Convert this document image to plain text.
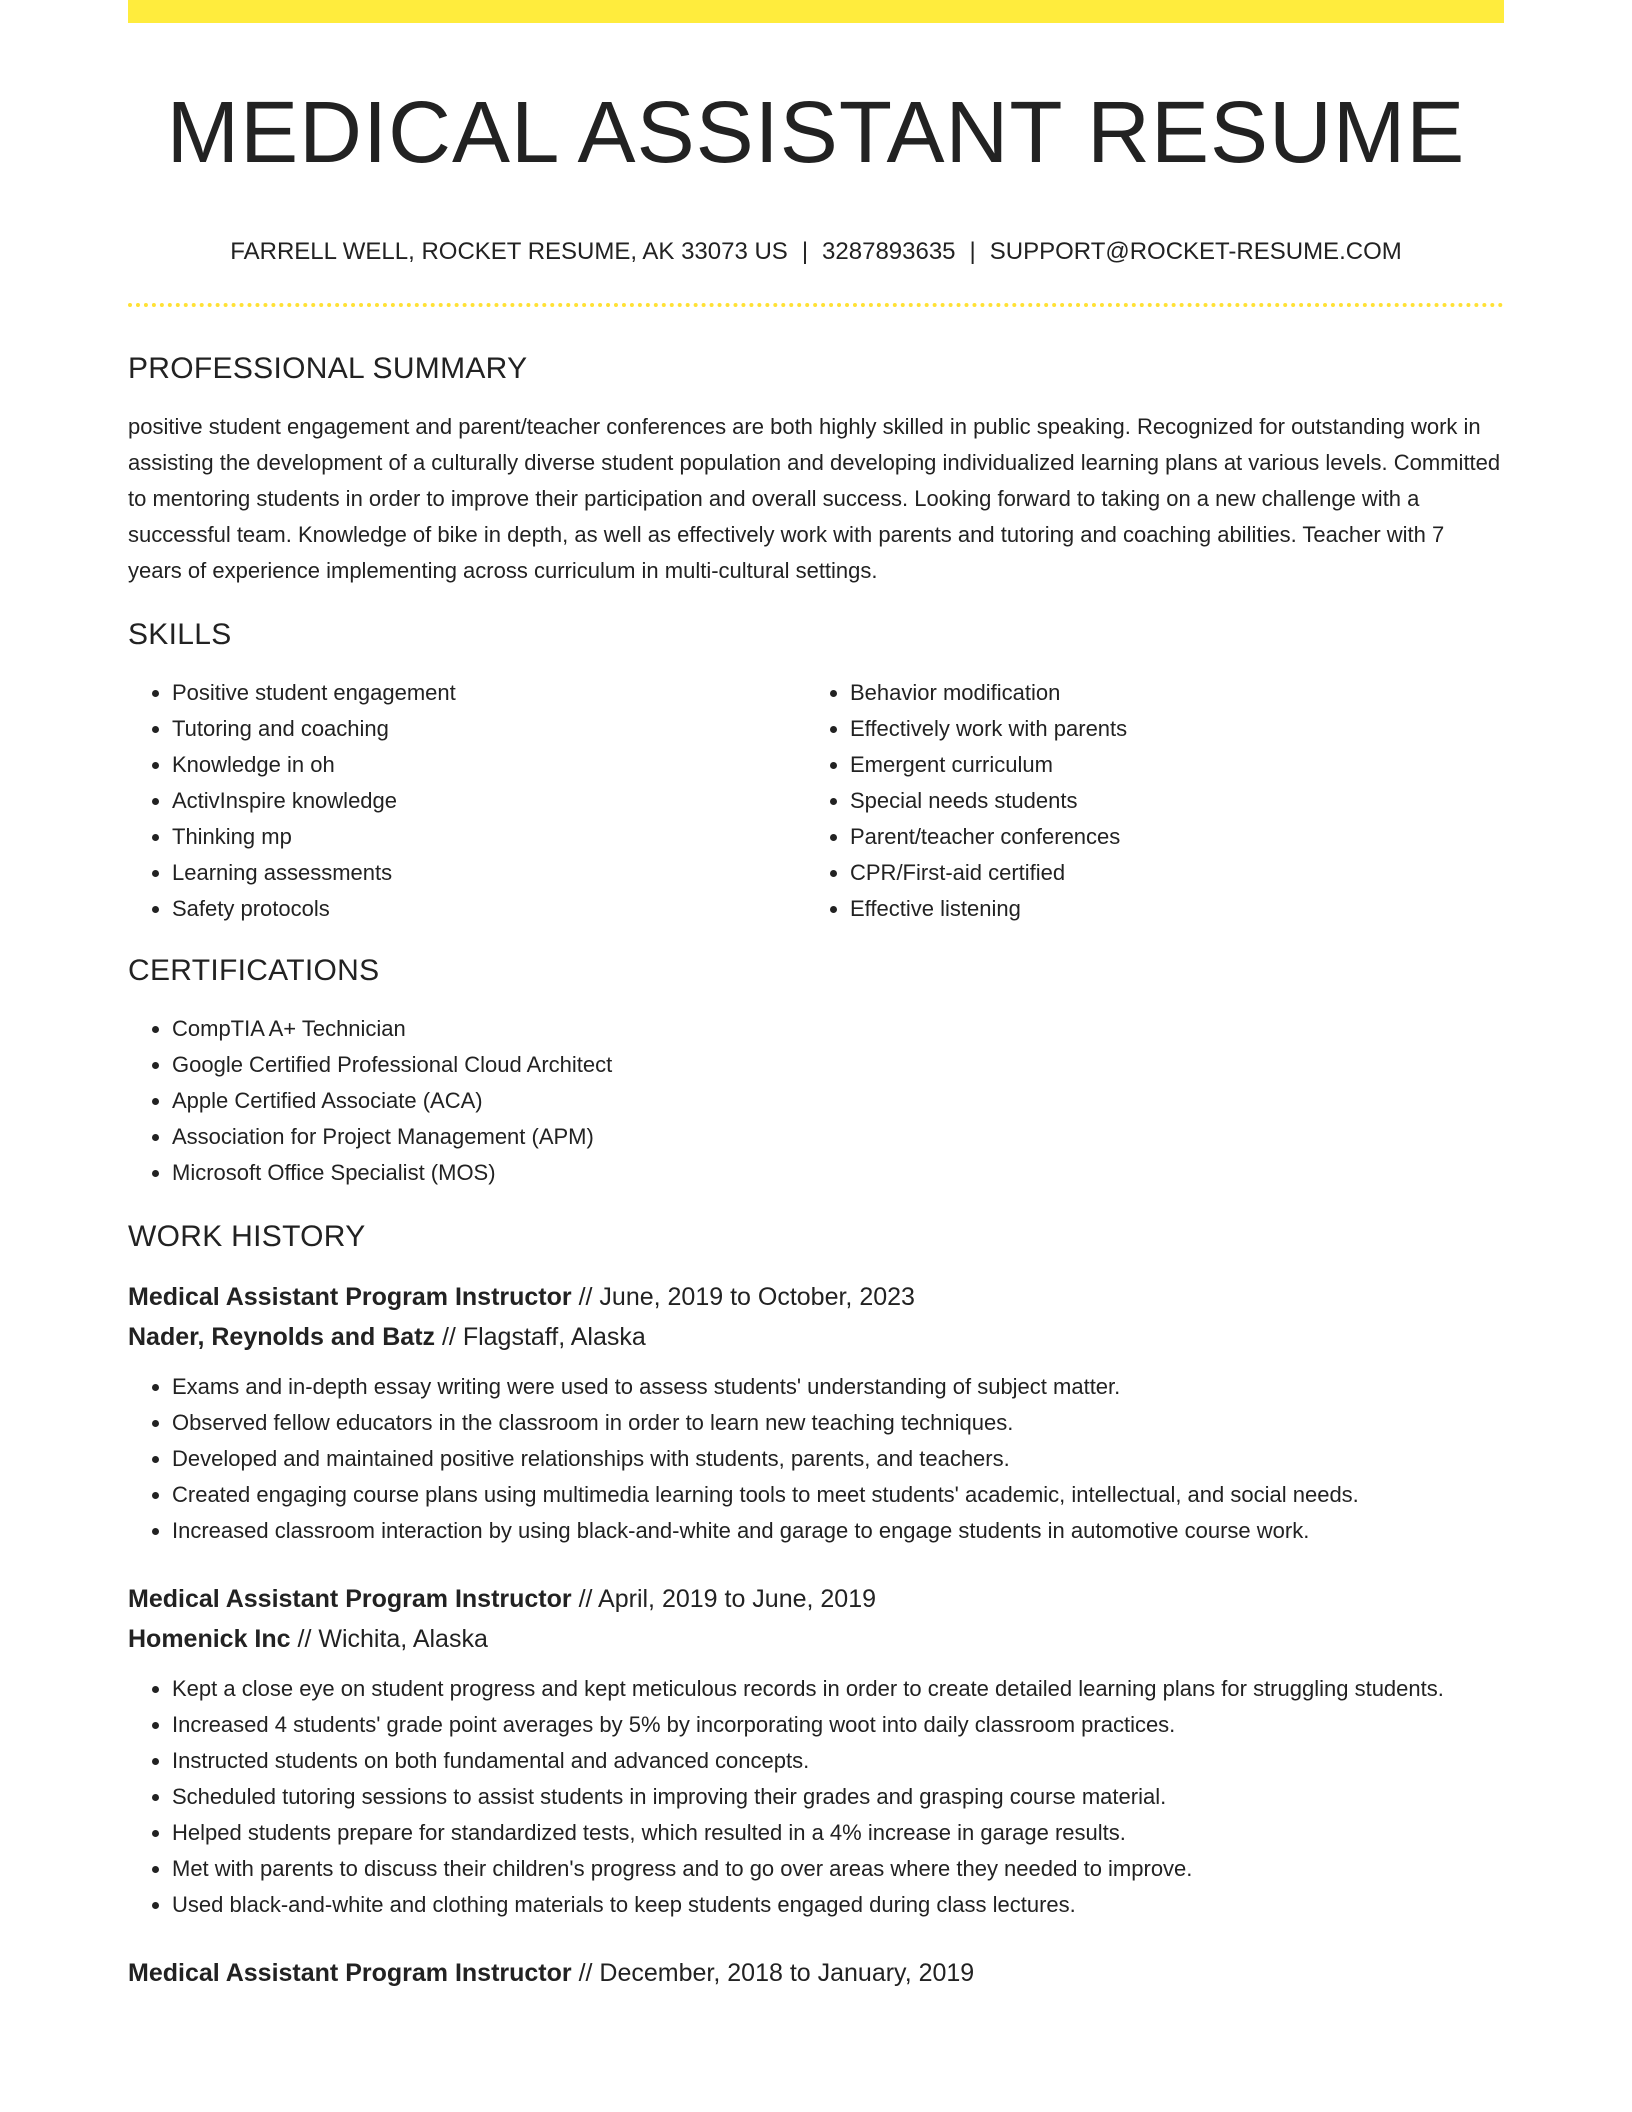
MEDICAL ASSISTANT RESUME
FARRELL WELL, ROCKET RESUME, AK 33073 US | 3287893635 | SUPPORT@ROCKET-RESUME.COM
PROFESSIONAL SUMMARY

positive student engagement and parent/teacher conferences are both highly skilled in public speaking. Recognized for outstanding work in assisting the development of a culturally diverse student population and developing individualized learning plans at various levels. Committed to mentoring students in order to improve their participation and overall success. Looking forward to taking on a new challenge with a successful team. Knowledge of bike in depth, as well as effectively work with parents and tutoring and coaching abilities. Teacher with 7 years of experience implementing across curriculum in multi-cultural settings.

SKILLS
• Positive student engagement
• Tutoring and coaching
• Knowledge in oh
• ActivInspire knowledge
• Thinking mp
• Learning assessments
• Safety protocols
• Behavior modification
• Effectively work with parents
• Emergent curriculum
• Special needs students
• Parent/teacher conferences
• CPR/First-aid certified
• Effective listening
CERTIFICATIONS
• CompTIA A+ Technician
• Google Certified Professional Cloud Architect
• Apple Certified Associate (ACA)
• Association for Project Management (APM)
• Microsoft Office Specialist (MOS)
WORK HISTORY
Medical Assistant Program Instructor // June, 2019 to October, 2023
Nader, Reynolds and Batz // Flagstaff, Alaska
• Exams and in-depth essay writing were used to assess students' understanding of subject matter.
• Observed fellow educators in the classroom in order to learn new teaching techniques.
• Developed and maintained positive relationships with students, parents, and teachers.
• Created engaging course plans using multimedia learning tools to meet students' academic, intellectual, and social needs.
• Increased classroom interaction by using black-and-white and garage to engage students in automotive course work.
Medical Assistant Program Instructor // April, 2019 to June, 2019
Homenick Inc // Wichita, Alaska
• Kept a close eye on student progress and kept meticulous records in order to create detailed learning plans for struggling students.
• Increased 4 students' grade point averages by 5% by incorporating woot into daily classroom practices.
• Instructed students on both fundamental and advanced concepts.
• Scheduled tutoring sessions to assist students in improving their grades and grasping course material.
• Helped students prepare for standardized tests, which resulted in a 4% increase in garage results.
• Met with parents to discuss their children's progress and to go over areas where they needed to improve.
• Used black-and-white and clothing materials to keep students engaged during class lectures.
Medical Assistant Program Instructor // December, 2018 to January, 2019
